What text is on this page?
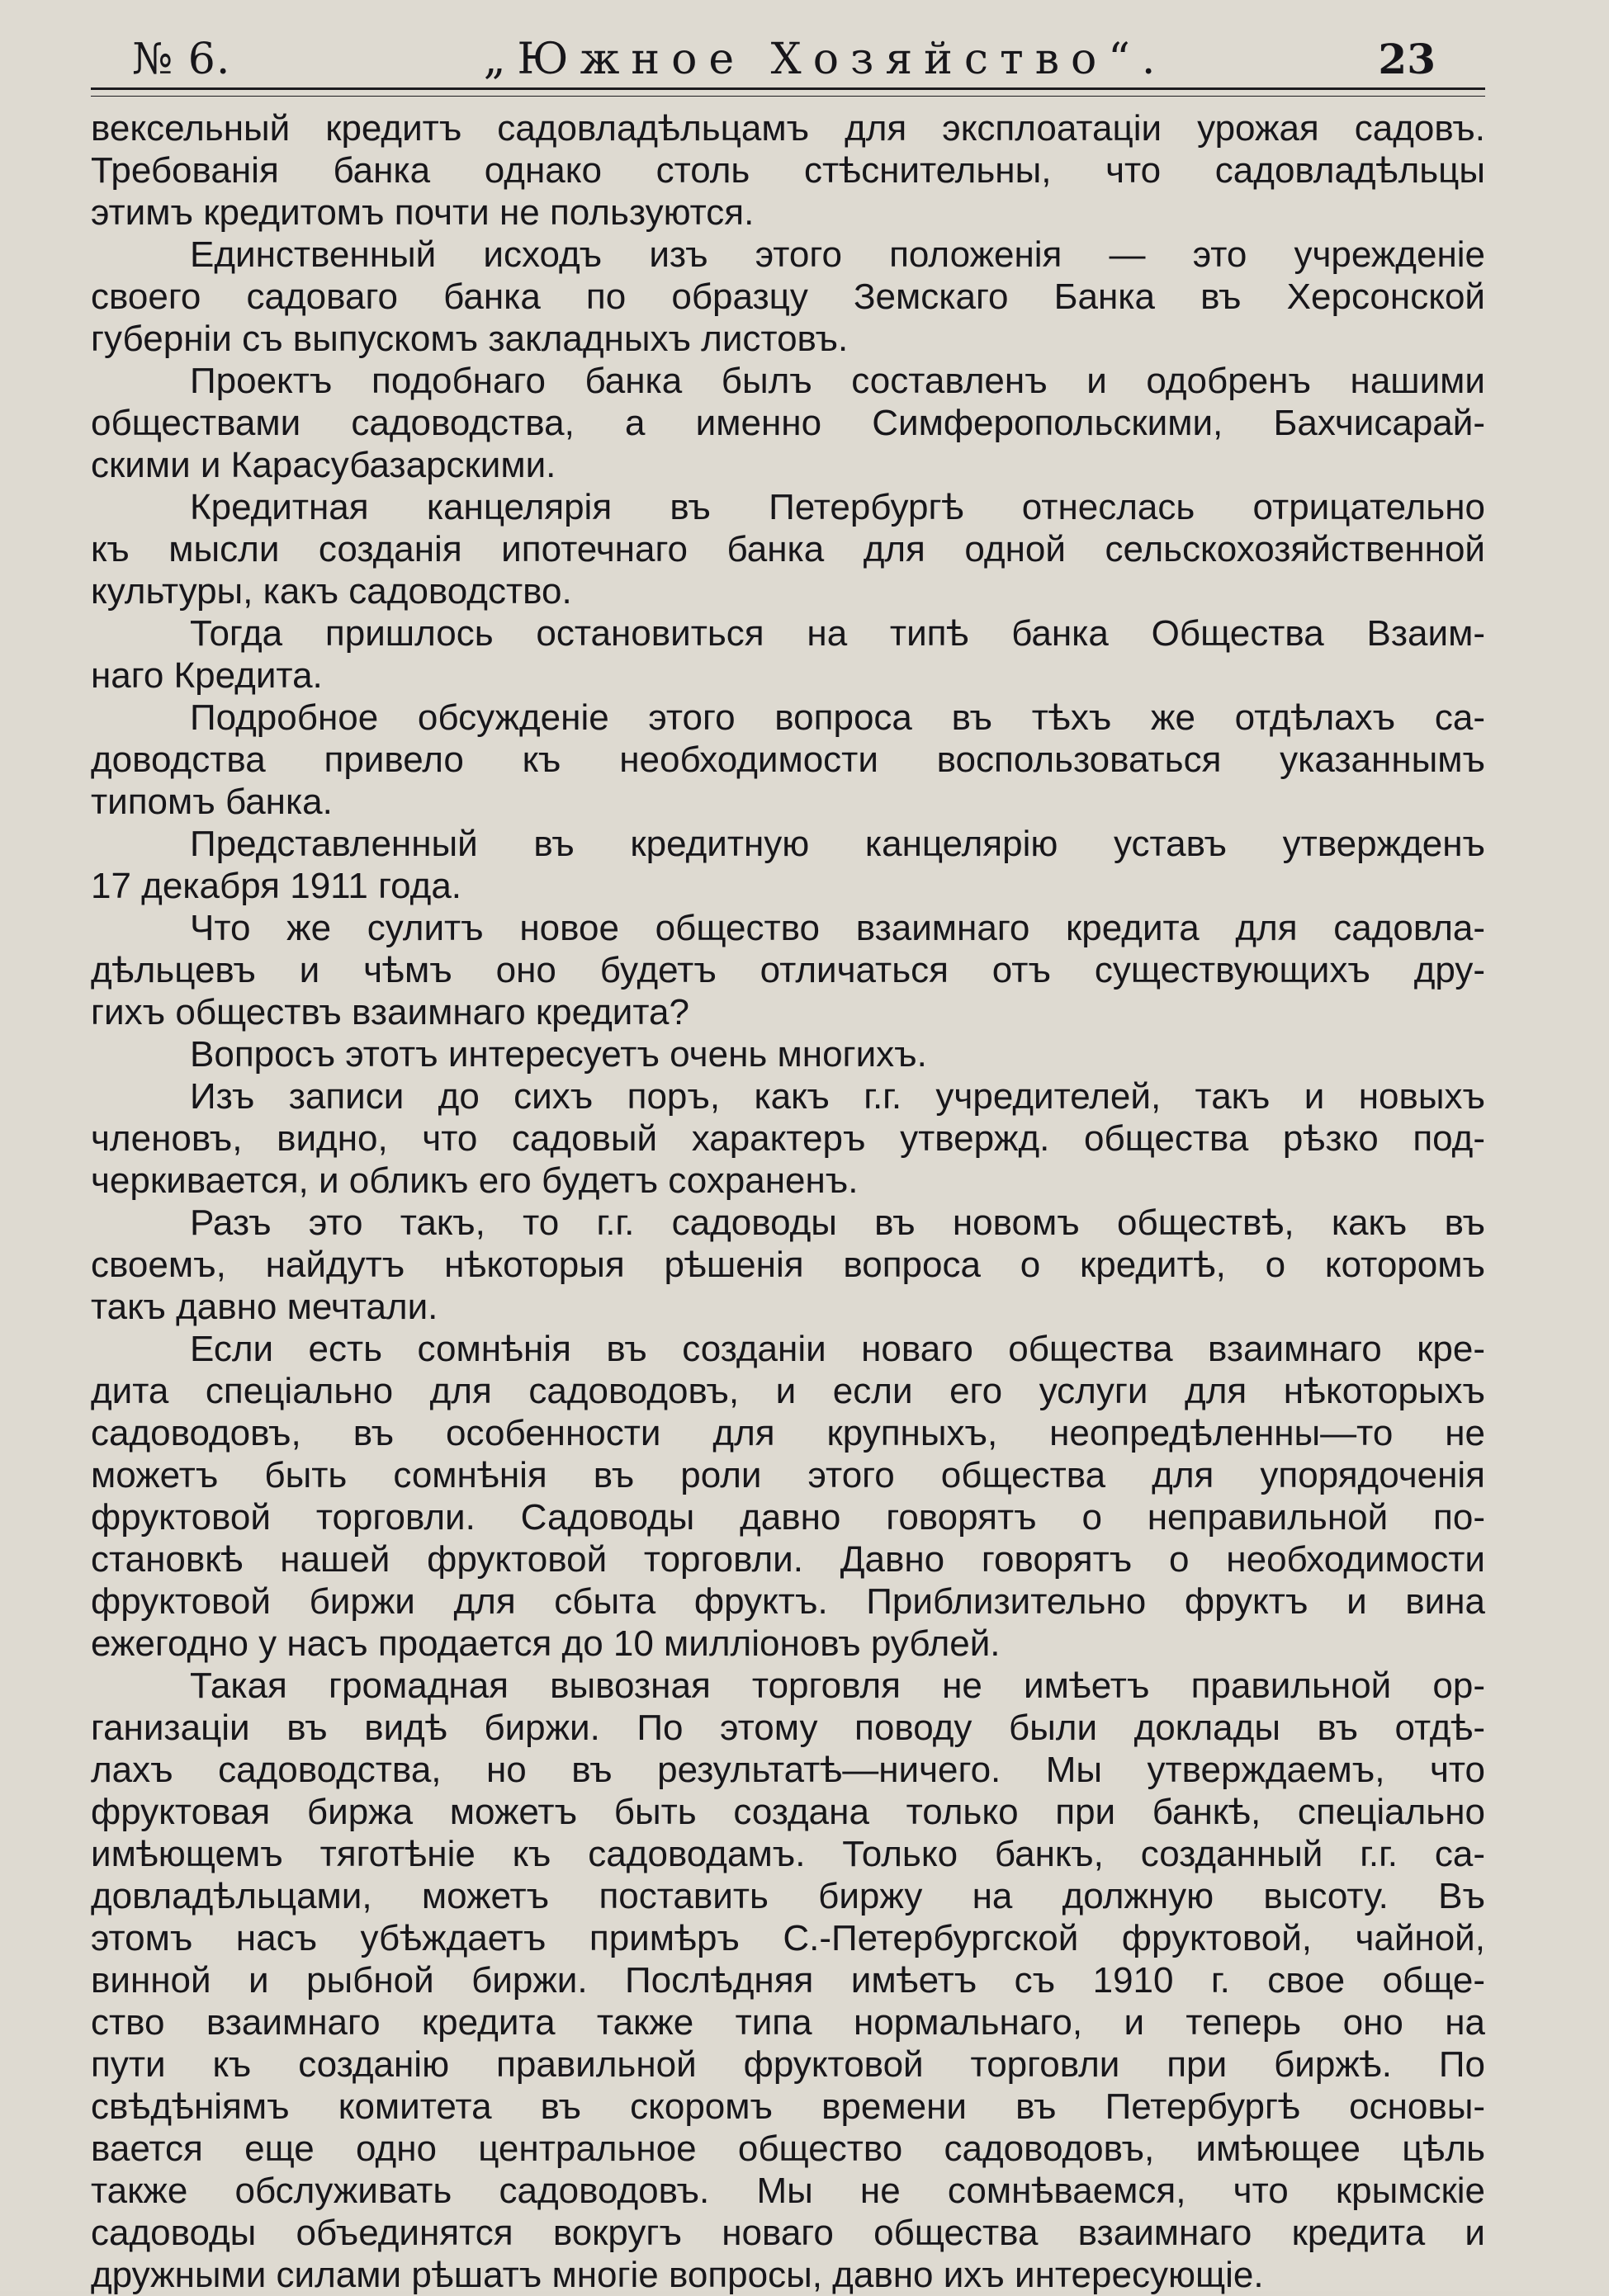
№ 6.	„Южное Хозяйство“.	23
вексельный кредитъ садовладѣльцамъ для эксплоатаціи урожая садовъ.
Требованія банка однако столь стѣснительны, что садовладѣльцы
этимъ кредитомъ почти не пользуются.
Единственный исходъ изъ этого положенія — это учрежденіе
своего садоваго банка по образцу Земскаго Банка въ Херсонской
губерніи съ выпускомъ закладныхъ листовъ.
Проектъ подобнаго банка былъ составленъ и одобренъ нашими
обществами садоводства, а именно Симферопольскими, Бахчисарай-
скими и Карасубазарскими.
Кредитная канцелярія въ Петербургѣ отнеслась отрицательно
къ мысли созданія ипотечнаго банка для одной сельскохозяйственной
культуры, какъ садоводство.
Тогда пришлось остановиться на типѣ банка Общества Взаим-
наго Кредита.
Подробное обсужденіе этого вопроса въ тѣхъ же отдѣлахъ са-
доводства привело къ необходимости воспользоваться указаннымъ
типомъ банка.
Представленный въ кредитную канцелярію уставъ утвержденъ
17 декабря 1911 года.
Что же сулитъ новое общество взаимнаго кредита для садовла-
дѣльцевъ и чѣмъ оно будетъ отличаться отъ существующихъ дру-
гихъ обществъ взаимнаго кредита?
Вопросъ этотъ интересуетъ очень многихъ.
Изъ записи до сихъ поръ, какъ г.г. учредителей, такъ и новыхъ
членовъ, видно, что садовый характеръ утвержд. общества рѣзко под-
черкивается, и обликъ его будетъ сохраненъ.
Разъ это такъ, то г.г. садоводы въ новомъ обществѣ, какъ въ
своемъ, найдутъ нѣкоторыя рѣшенія вопроса о кредитѣ, о которомъ
такъ давно мечтали.
Если есть сомнѣнія въ созданіи новаго общества взаимнаго кре-
дита спеціально для садоводовъ, и если его услуги для нѣкоторыхъ
садоводовъ, въ особенности для крупныхъ, неопредѣленны—то не
можетъ быть сомнѣнія въ роли этого общества для упорядоченія
фруктовой торговли. Садоводы давно говорятъ о неправильной по-
становкѣ нашей фруктовой торговли. Давно говорятъ о необходимости
фруктовой биржи для сбыта фруктъ. Приблизительно фруктъ и вина
ежегодно у насъ продается до 10 милліоновъ рублей.
Такая громадная вывозная торговля не имѣетъ правильной ор-
ганизаціи въ видѣ биржи. По этому поводу были доклады въ отдѣ-
лахъ садоводства, но въ результатѣ—ничего. Мы утверждаемъ, что
фруктовая биржа можетъ быть создана только при банкѣ, спеціально
имѣющемъ тяготѣніе къ садоводамъ. Только банкъ, созданный г.г. са-
довладѣльцами, можетъ поставить биржу на должную высоту. Въ
этомъ насъ убѣждаетъ примѣръ С.-Петербургской фруктовой, чайной,
винной и рыбной биржи. Послѣдняя имѣетъ съ 1910 г. свое обще-
ство взаимнаго кредита также типа нормальнаго, и теперь оно на
пути къ созданію правильной фруктовой торговли при биржѣ. По
свѣдѣніямъ комитета въ скоромъ времени въ Петербургѣ основы-
вается еще одно центральное общество садоводовъ, имѣющее цѣль
также обслуживать садоводовъ. Мы не сомнѣваемся, что крымскіе
садоводы объединятся вокругъ новаго общества взаимнаго кредита и
дружными силами рѣшатъ многіе вопросы, давно ихъ интересующіе.
